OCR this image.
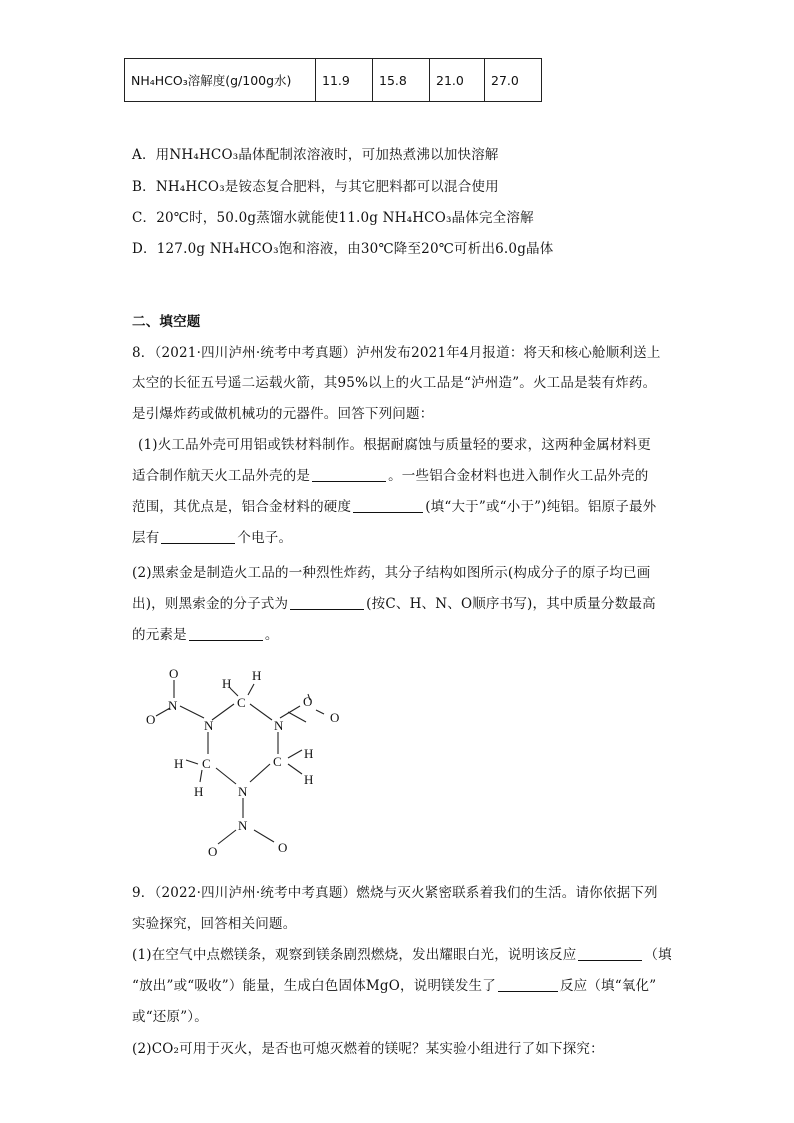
NH₄HCO₃溶解度(g/100g水)	11.9	15.8	21.0	27.0
A．用NH₄HCO₃晶体配制浓溶液时，可加热煮沸以加快溶解
B．NH₄HCO₃是铵态复合肥料，与其它肥料都可以混合使用
C．20℃时，50.0g蒸馏水就能使11.0g NH₄HCO₃晶体完全溶解
D．127.0g NH₄HCO₃饱和溶液，由30℃降至20℃可析出6.0g晶体
二、填空题
8．（2021·四川泸州·统考中考真题）泸州发布2021年4月报道：将天和核心舱顺利送上
太空的长征五号遥二运载火箭，其95%以上的火工品是“泸州造”。火工品是装有炸药。
是引爆炸药或做机械功的元器件。回答下列问题：
(1)火工品外壳可用铝或铁材料制作。根据耐腐蚀与质量轻的要求，这两种金属材料更
适合制作航天火工品外壳的是	。一些铝合金材料也进入制作火工品外壳的
范围，其优点是，铝合金材料的硬度	(填“大于”或“小于”)纯铝。铝原子最外
层有	个电子。
(2)黑索金是制造火工品的一种烈性炸药，其分子结构如图所示(构成分子的原子均已画
出)，则黑索金的分子式为	(按C、H、N、O顺序书写)，其中质量分数最高
的元素是	。
O
N
O
H
H
C
N	N
O
O
H C	C
H
H
H	N
N
O	O
9．（2022·四川泸州·统考中考真题）燃烧与灭火紧密联系着我们的生活。请你依据下列
实验探究，回答相关问题。
(1)在空气中点燃镁条，观察到镁条剧烈燃烧，发出耀眼白光，说明该反应	（填
“放出”或“吸收”）能量，生成白色固体MgO，说明镁发生了	反应（填“氧化”
或“还原”）。
(2)CO₂可用于灭火，是否也可熄灭燃着的镁呢？某实验小组进行了如下探究：
